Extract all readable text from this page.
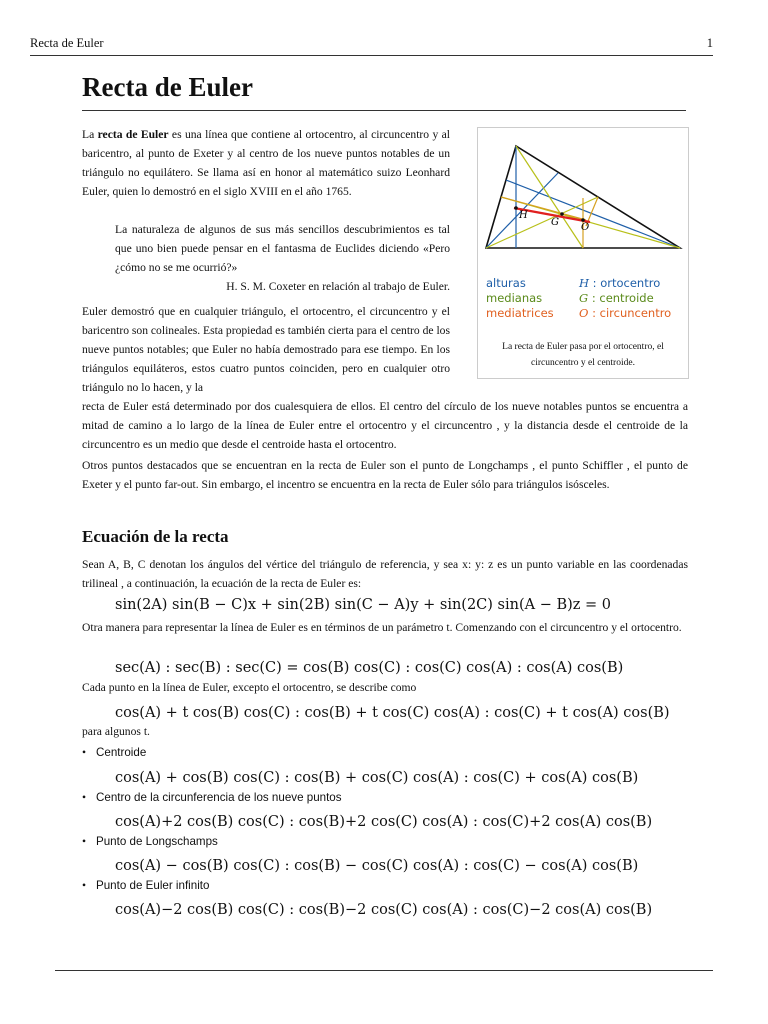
Recta de Euler	1
Recta de Euler

La recta de Euler es una línea que contiene al ortocentro, al circuncentro y al baricentro, al punto de Exeter y al centro de los nueve puntos notables de un triángulo no equilátero. Se llama así en honor al matemático suizo Leonhard Euler, quien lo demostró en el siglo XVIII en el año 1765.

La naturaleza de algunos de sus más sencillos descubrimientos es tal que uno bien puede pensar en el fantasma de Euclides diciendo «Pero ¿cómo no se me ocurrió?»

H. S. M. Coxeter en relación al trabajo de Euler.

Euler demostró que en cualquier triángulo, el ortocentro, el circuncentro y el baricentro son colineales. Esta propiedad es también cierta para el centro de los nueve puntos notables; que Euler no había demostrado para ese tiempo. En los triángulos equiláteros, estos cuatro puntos coinciden, pero en cualquier otro triángulo no lo hacen, y la

recta de Euler está determinado por dos cualesquiera de ellos. El centro del círculo de los nueve notables puntos se encuentra a mitad de camino a lo largo de la línea de Euler entre el ortocentro y el circuncentro , y la distancia desde el centroide de la circuncentro es un medio que desde el centroide hasta el ortocentro.

Otros puntos destacados que se encuentran en la recta de Euler son el punto de Longchamps , el punto Schiffler , el punto de Exeter y el punto far-out. Sin embargo, el incentro se encuentra en la recta de Euler sólo para triángulos isósceles.

H
G O
alturas	H : ortocentro
medianas	G : centroide
mediatrices O : circuncentro
La recta de Euler pasa por el ortocentro, el circuncentro y el centroide.
Ecuación de la recta

Sean A, B, C denotan los ángulos del vértice del triángulo de referencia, y sea x: y: z es un punto variable en las coordenadas trilineal , a continuación, la ecuación de la recta de Euler es:

sin(2A) sin(B − C)x + sin(2B) sin(C − A)y + sin(2C) sin(A − B)z = 0

Otra manera para representar la línea de Euler es en términos de un parámetro t. Comenzando con el circuncentro y el ortocentro.

sec(A) : sec(B) : sec(C) = cos(B) cos(C) : cos(C) cos(A) : cos(A) cos(B)
Cada punto en la línea de Euler, excepto el ortocentro, se describe como
cos(A) + t cos(B) cos(C) : cos(B) + t cos(C) cos(A) : cos(C) + t cos(A) cos(B)
para algunos t.
• Centroide
cos(A) + cos(B) cos(C) : cos(B) + cos(C) cos(A) : cos(C) + cos(A) cos(B)
• Centro de la circunferencia de los nueve puntos
cos(A)+2 cos(B) cos(C) : cos(B)+2 cos(C) cos(A) : cos(C)+2 cos(A) cos(B)
• Punto de Longschamps
cos(A) − cos(B) cos(C) : cos(B) − cos(C) cos(A) : cos(C) − cos(A) cos(B)
• Punto de Euler infinito
cos(A)−2 cos(B) cos(C) : cos(B)−2 cos(C) cos(A) : cos(C)−2 cos(A) cos(B)
